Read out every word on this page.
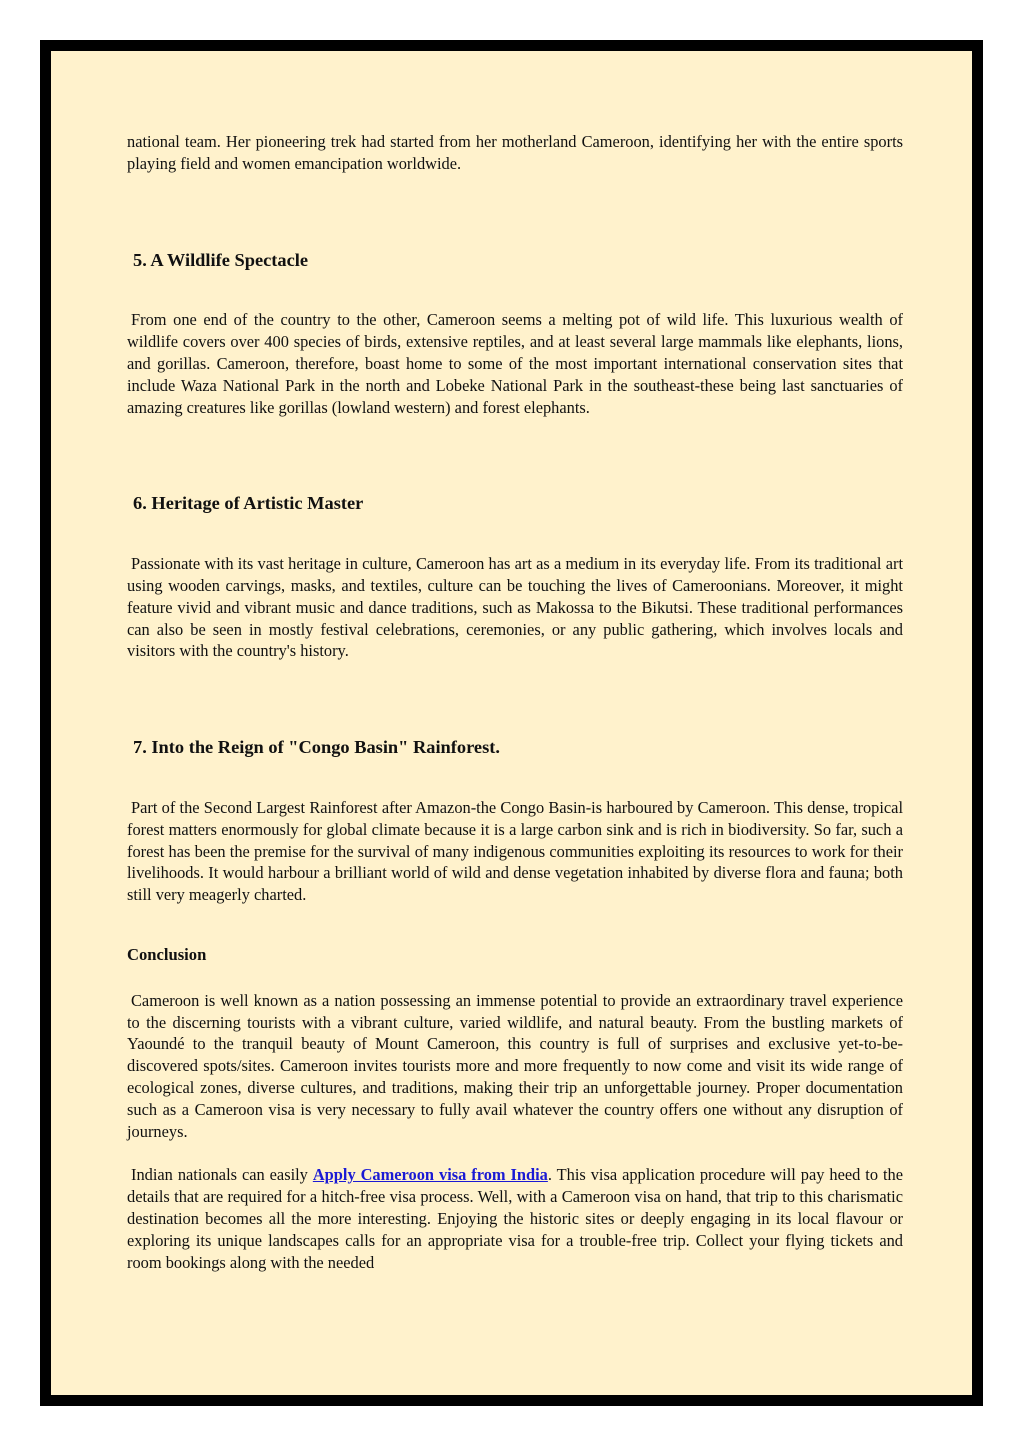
national team. Her pioneering trek had started from her motherland Cameroon, identifying her with the entire sports playing field and women emancipation worldwide.

5. A Wildlife Spectacle

From one end of the country to the other, Cameroon seems a melting pot of wild life. This luxurious wealth of wildlife covers over 400 species of birds, extensive reptiles, and at least several large mammals like elephants, lions, and gorillas. Cameroon, therefore, boast home to some of the most important international conservation sites that include Waza National Park in the north and Lobeke National Park in the southeast-these being last sanctuaries of amazing creatures like gorillas (lowland western) and forest elephants.

6. Heritage of Artistic Master

Passionate with its vast heritage in culture, Cameroon has art as a medium in its everyday life. From its traditional art using wooden carvings, masks, and textiles, culture can be touching the lives of Cameroonians. Moreover, it might feature vivid and vibrant music and dance traditions, such as Makossa to the Bikutsi. These traditional performances can also be seen in mostly festival celebrations, ceremonies, or any public gathering, which involves locals and visitors with the country's history.

7. Into the Reign of "Congo Basin" Rainforest.

Part of the Second Largest Rainforest after Amazon-the Congo Basin-is harboured by Cameroon. This dense, tropical forest matters enormously for global climate because it is a large carbon sink and is rich in biodiversity. So far, such a forest has been the premise for the survival of many indigenous communities exploiting its resources to work for their livelihoods. It would harbour a brilliant world of wild and dense vegetation inhabited by diverse flora and fauna; both still very meagerly charted.

Conclusion

Cameroon is well known as a nation possessing an immense potential to provide an extraordinary travel experience to the discerning tourists with a vibrant culture, varied wildlife, and natural beauty. From the bustling markets of Yaoundé to the tranquil beauty of Mount Cameroon, this country is full of surprises and exclusive yet-to-be-discovered spots/sites. Cameroon invites tourists more and more frequently to now come and visit its wide range of ecological zones, diverse cultures, and traditions, making their trip an unforgettable journey. Proper documentation such as a Cameroon visa is very necessary to fully avail whatever the country offers one without any disruption of journeys.

Indian nationals can easily Apply Cameroon visa from India. This visa application procedure will pay heed to the details that are required for a hitch-free visa process. Well, with a Cameroon visa on hand, that trip to this charismatic destination becomes all the more interesting. Enjoying the historic sites or deeply engaging in its local flavour or exploring its unique landscapes calls for an appropriate visa for a trouble-free trip. Collect your flying tickets and room bookings along with the needed
